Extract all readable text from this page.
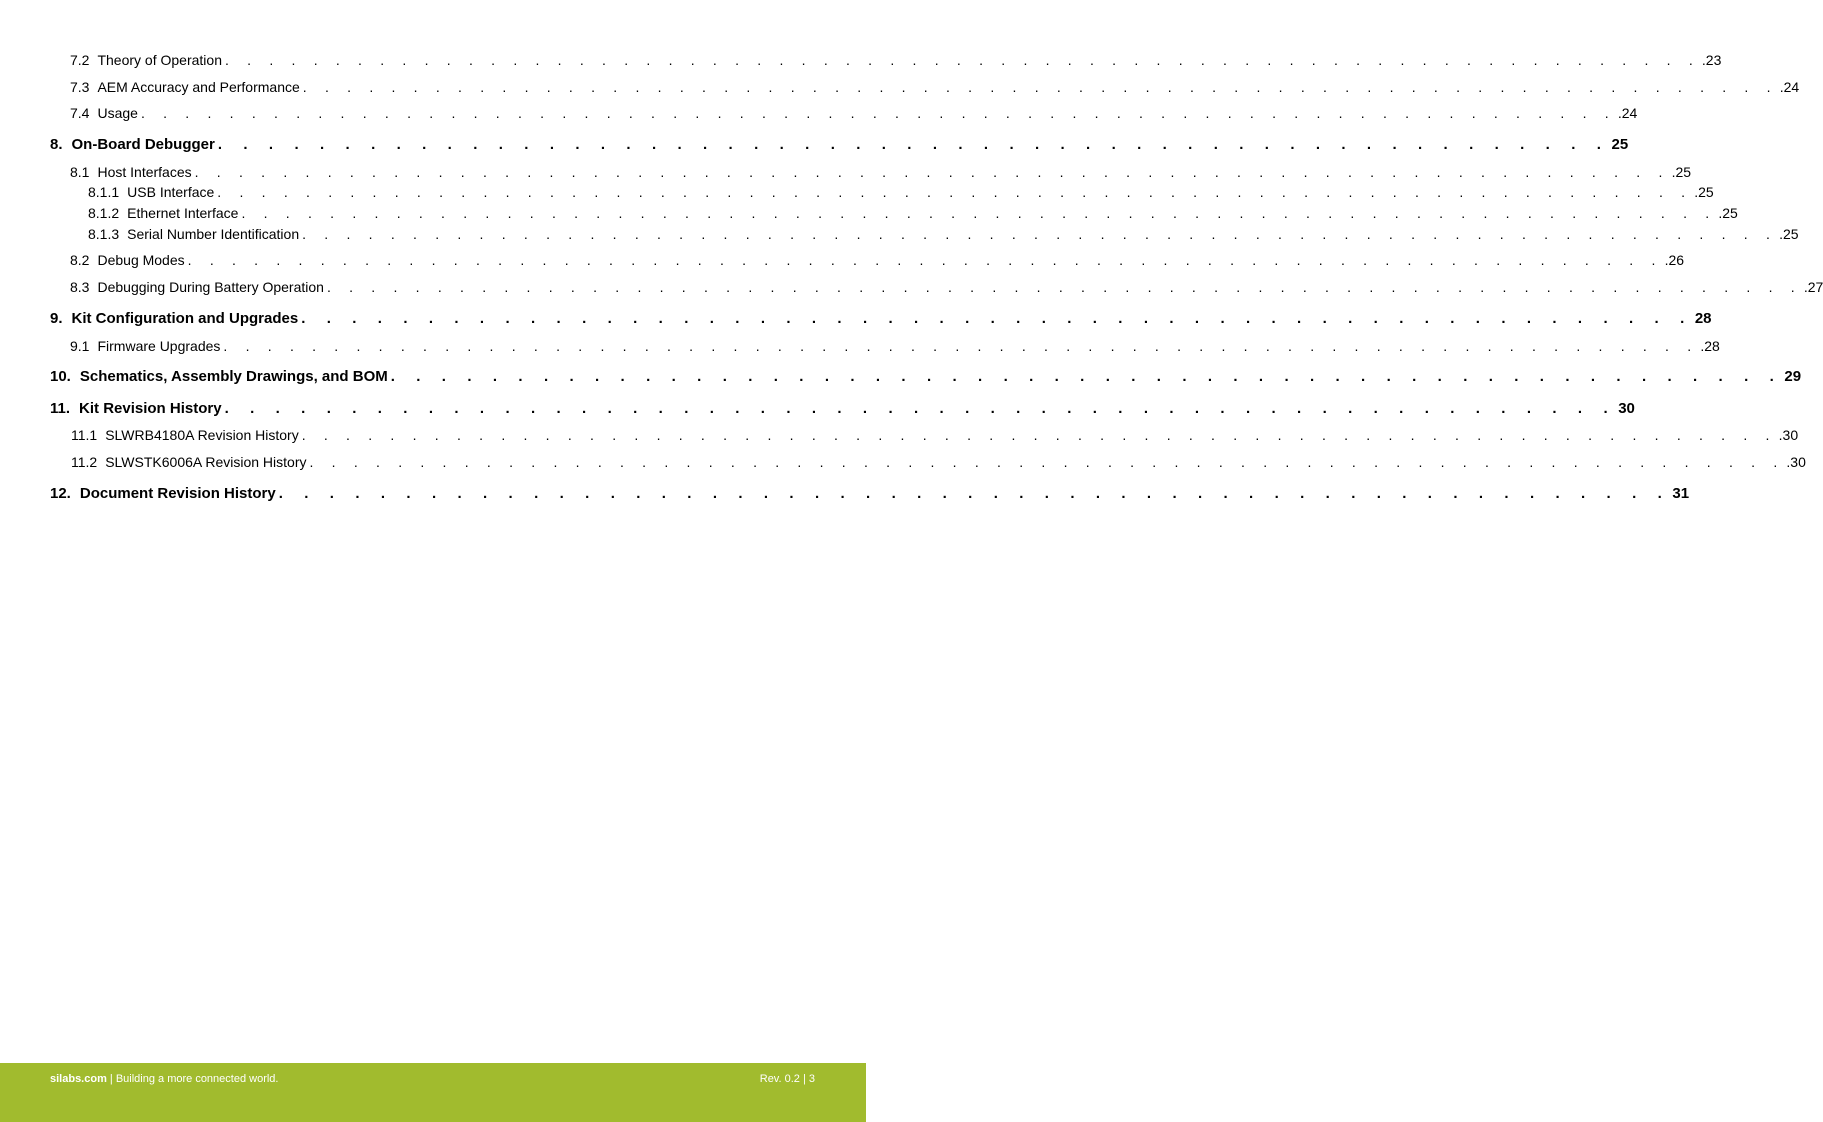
7.2 Theory of Operation . . . . . . . . . . . . . . . . . . . . . . . . . . . . . . . . . . . . . . . . . . . . . . . . . . . . . . . . . . . . . . . . . . . .23
7.3 AEM Accuracy and Performance . . . . . . . . . . . . . . . . . . . . . . . . . . . . . . . . . . . . . . . . . . . . . . . . . . . . . . . . . . . . . . . . . . . .24
7.4 Usage . . . . . . . . . . . . . . . . . . . . . . . . . . . . . . . . . . . . . . . . . . . . . . . . . . . . . . . . . . . . . . . . . . . .24
8. On-Board Debugger . . . . . . . . . . . . . . . . . . . . . . . . . . . . . . . . . . . . . . . . . . . . . . . . . . . . . . . 25
8.1 Host Interfaces . . . . . . . . . . . . . . . . . . . . . . . . . . . . . . . . . . . . . . . . . . . . . . . . . . . . . . . . . . . . . . . . . . . .25
8.1.1 USB Interface . . . . . . . . . . . . . . . . . . . . . . . . . . . . . . . . . . . . . . . . . . . . . . . . . . . . . . . . . . . . . . . . . . . .25
8.1.2 Ethernet Interface . . . . . . . . . . . . . . . . . . . . . . . . . . . . . . . . . . . . . . . . . . . . . . . . . . . . . . . . . . . . . . . . . . . .25
8.1.3 Serial Number Identification . . . . . . . . . . . . . . . . . . . . . . . . . . . . . . . . . . . . . . . . . . . . . . . . . . . . . . . . . . . . . . . . . . . .25
8.2 Debug Modes . . . . . . . . . . . . . . . . . . . . . . . . . . . . . . . . . . . . . . . . . . . . . . . . . . . . . . . . . . . . . . . . . . . .26
8.3 Debugging During Battery Operation . . . . . . . . . . . . . . . . . . . . . . . . . . . . . . . . . . . . . . . . . . . . . . . . . . . . . . . . . . . . . . . . . . . .27
9. Kit Configuration and Upgrades . . . . . . . . . . . . . . . . . . . . . . . . . . . . . . . . . . . . . . . . . . . . . . . . . . . . . . . 28
9.1 Firmware Upgrades . . . . . . . . . . . . . . . . . . . . . . . . . . . . . . . . . . . . . . . . . . . . . . . . . . . . . . . . . . . . . . . . . . . .28
10. Schematics, Assembly Drawings, and BOM . . . . . . . . . . . . . . . . . . . . . . . . . . . . . . . . . . . . . . . . . . . . . . . . . . . . . . . 29
11. Kit Revision History . . . . . . . . . . . . . . . . . . . . . . . . . . . . . . . . . . . . . . . . . . . . . . . . . . . . . . . 30
11.1 SLWRB4180A Revision History . . . . . . . . . . . . . . . . . . . . . . . . . . . . . . . . . . . . . . . . . . . . . . . . . . . . . . . . . . . . . . . . . . . .30
11.2 SLWSTK6006A Revision History . . . . . . . . . . . . . . . . . . . . . . . . . . . . . . . . . . . . . . . . . . . . . . . . . . . . . . . . . . . . . . . . . . . .30
12. Document Revision History . . . . . . . . . . . . . . . . . . . . . . . . . . . . . . . . . . . . . . . . . . . . . . . . . . . . . . . 31
silabs.com | Building a more connected world.	Rev. 0.2 | 3
